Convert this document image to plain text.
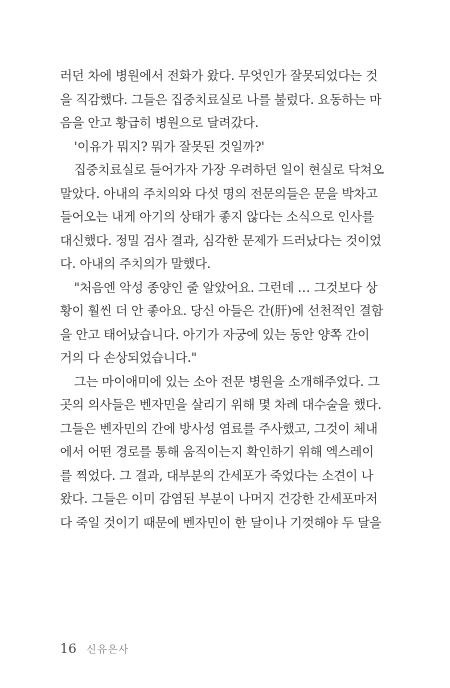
러던 차에 병원에서 전화가 왔다. 무엇인가 잘못되었다는 것
을 직감했다. 그들은 집중치료실로 나를 불렀다. 요동하는 마
음을 안고 황급히 병원으로 달려갔다.
'이유가 뭐지? 뭐가 잘못된 것일까?'
집중치료실로 들어가자 가장 우려하던 일이 현실로 닥쳐오
말았다. 아내의 주치의와 다섯 명의 전문의들은 문을 박차고
들어오는 내게 아기의 상태가 좋지 않다는 소식으로 인사를
대신했다. 정밀 검사 결과, 심각한 문제가 드러났다는 것이었
다. 아내의 주치의가 말했다.
"처음엔 악성 종양인 줄 알았어요. 그런데 … 그것보다 상
황이 훨씬 더 안 좋아요. 당신 아들은 간(肝)에 선천적인 결함
을 안고 태어났습니다. 아기가 자궁에 있는 동안 양쪽 간이
거의 다 손상되었습니다."
그는 마이애미에 있는 소아 전문 병원을 소개해주었다. 그
곳의 의사들은 벤자민을 살리기 위해 몇 차례 대수술을 했다.
그들은 벤자민의 간에 방사성 염료를 주사했고, 그것이 체내
에서 어떤 경로를 통해 움직이는지 확인하기 위해 엑스레이
를 찍었다. 그 결과, 대부분의 간세포가 죽었다는 소견이 나
왔다. 그들은 이미 감염된 부분이 나머지 건강한 간세포마저
다 죽일 것이기 때문에 벤자민이 한 달이나 기껏해야 두 달을
16 신유은사
